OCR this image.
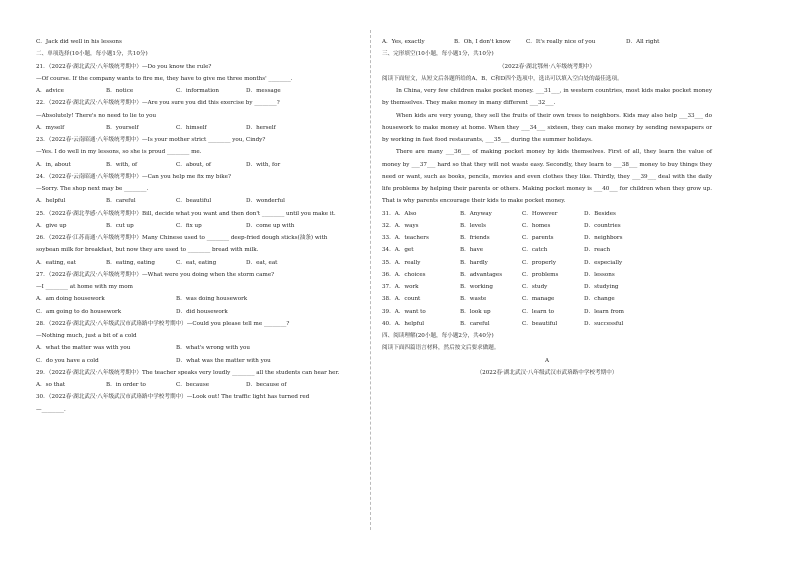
C．Jack did well in his lessons
二、单项选择(10小题，每小题1分，共10分)
21．（2022春·湖北武汉·八年级统考期中）—Do you know the rule?
—Of course. If the company wants to fire me, they have to give me three months' ________.
A．advice	B．notice	C．information	D．message
22．（2022春·湖北武汉·八年级统考期中）—Are you sure you did this exercise by ________?
—Absolutely! There's no need to lie to you
A．myself	B．yourself	C．himself	D．herself
23．（2022春·云南昭通·八年级统考期中）—Is your mother strict ________ you, Cindy?
—Yes. I do well in my lessons, so she is proud ________ me.
A．in, about	B．with, of	C．about, of	D．with, for
24．（2022春·云南昭通·八年级统考期中）—Can you help me fix my bike?
—Sorry. The shop next may be ________.
A．helpful	B．careful	C．beautiful	D．wonderful
25．（2022春·湖北孝感·八年级统考期中）Bill, decide what you want and then don't ________ until you make it.
A．give up	B．cut up	C．fix up	D．come up with
26．（2022春·江苏南通·八年级统考期中）Many Chinese used to ________ deep-fried dough sticks(油条) with
soybean milk for breakfast, but now they are used to ________ bread with milk.
A．eating, eat	B．eating, eating	C．eat, eating	D．eat, eat
27．（2022春·湖北武汉·八年级统考期中）—What were you doing when the storm came?
—I ________ at home with my mom
A．am doing housework	B．was doing housework
C．am going to do housework	D．did housework
28．（2022春·湖北武汉·八年级武汉市武珞路中学校考期中）—Could you please tell me ________?
—Nothing much, just a bit of a cold
A．what the matter was with you	B．what's wrong with you
C．do you have a cold	D．what was the matter with you
29．（2022春·湖北武汉·八年级统考期中）The teacher speaks very loudly ________ all the students can hear her.
A．so that	B．in order to	C．because	D．because of
30．（2022春·湖北武汉·八年级武汉市武珞路中学校考期中）—Look out! The traffic light has turned red
—________.
A．Yes, exactly	B．Oh, I don't know	C．It's really nice of you	D．All right
三、完形填空(10小题，每小题1分，共10分)
（2022春·湖北鄂州·八年级统考期中）
阅读下面短文，从短文后各题所给的A、B、C和D四个选项中，选出可以填入空白处的最佳选项。
In China, very few children make pocket money. ___31___, in western countries, most kids make pocket money by themselves. They make money in many different ___32___.
When kids are very young, they sell the fruits of their own trees to neighbors. Kids may also help ___33___ do housework to make money at home. When they ___34___ sixteen, they can make money by sending newspapers or by working in fast food restaurants, ___35___ during the summer holidays.
There are many ___36___ of making pocket money by kids themselves. First of all, they learn the value of money by ___37___ hard so that they will not waste easy. Secondly, they learn to ___38___ money to buy things they need or want, such as books, pencils, movies and even clothes they like. Thirdly, they ___39___ deal with the daily life problems by helping their parents or others. Making pocket money is ___40___ for children when they grow up. That is why parents encourage their kids to make pocket money.
31．A．Also	B．Anyway	C．However	D．Besides
32．A．ways	B．levels	C．homes	D．countries
33．A．teachers	B．friends	C．parents	D．neighbors
34．A．get	B．have	C．catch	D．reach
35．A．really	B．hardly	C．properly	D．especially
36．A．choices	B．advantages	C．problems	D．lessons
37．A．work	B．working	C．study	D．studying
38．A．count	B．waste	C．manage	D．change
39．A．want to	B．look up	C．learn to	D．learn from
40．A．helpful	B．careful	C．beautiful	D．successful
四、阅读理解(20小题，每小题2分，共40分)
阅读下面四篇语言材料，然后按文后要求做题。
A
（2022春·湖北武汉·八年级武汉市武珞路中学校考期中）
